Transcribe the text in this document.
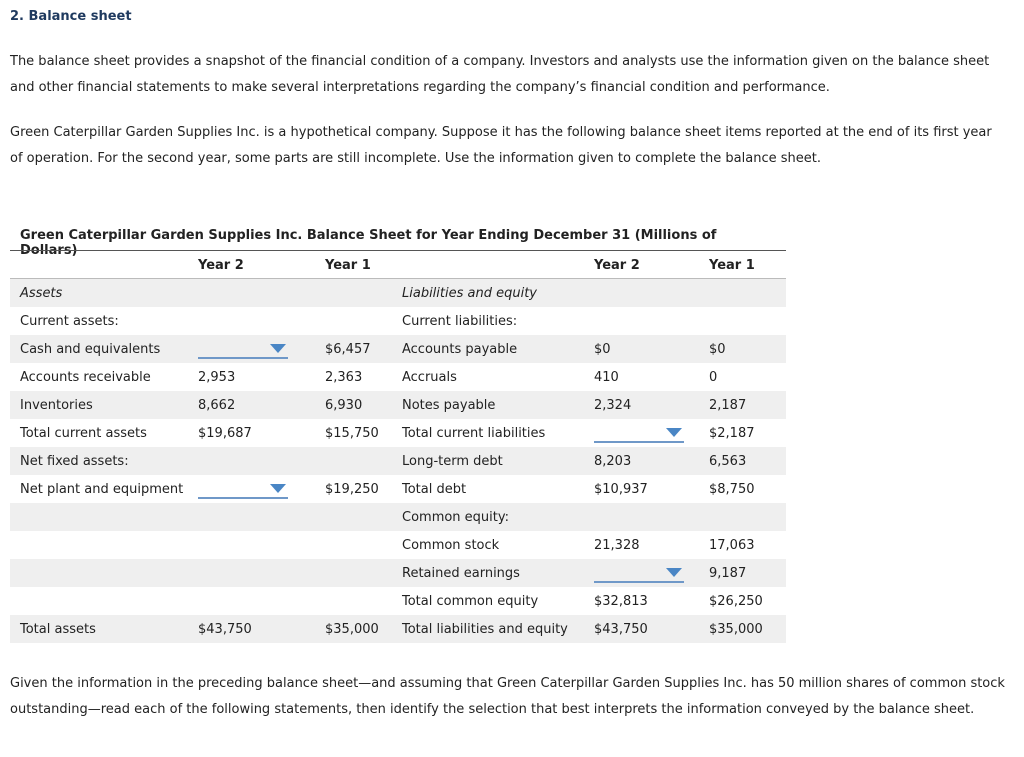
2. Balance sheet

The balance sheet provides a snapshot of the financial condition of a company. Investors and analysts use the information given on the balance sheet and other financial statements to make several interpretations regarding the company’s financial condition and performance.

Green Caterpillar Garden Supplies Inc. is a hypothetical company. Suppose it has the following balance sheet items reported at the end of its first year of operation. For the second year, some parts are still incomplete. Use the information given to complete the balance sheet.

Green Caterpillar Garden Supplies Inc. Balance Sheet for Year Ending December 31 (Millions of Dollars)
	Year 2	Year 1		Year 2	Year 1
Assets			Liabilities and equity		
Current assets:			Current liabilities:		
Cash and equivalents		$6,457	Accounts payable	$0	$0
Accounts receivable	2,953	2,363	Accruals	410	0
Inventories	8,662	6,930	Notes payable	2,324	2,187
Total current assets	$19,687	$15,750	Total current liabilities		$2,187
Net fixed assets:			Long-term debt	8,203	6,563
Net plant and equipment		$19,250	Total debt	$10,937	$8,750
			Common equity:		
			Common stock	21,328	17,063
			Retained earnings		9,187
			Total common equity	$32,813	$26,250
Total assets	$43,750	$35,000	Total liabilities and equity	$43,750	$35,000

Given the information in the preceding balance sheet—and assuming that Green Caterpillar Garden Supplies Inc. has 50 million shares of common stock outstanding—read each of the following statements, then identify the selection that best interprets the information conveyed by the balance sheet.
